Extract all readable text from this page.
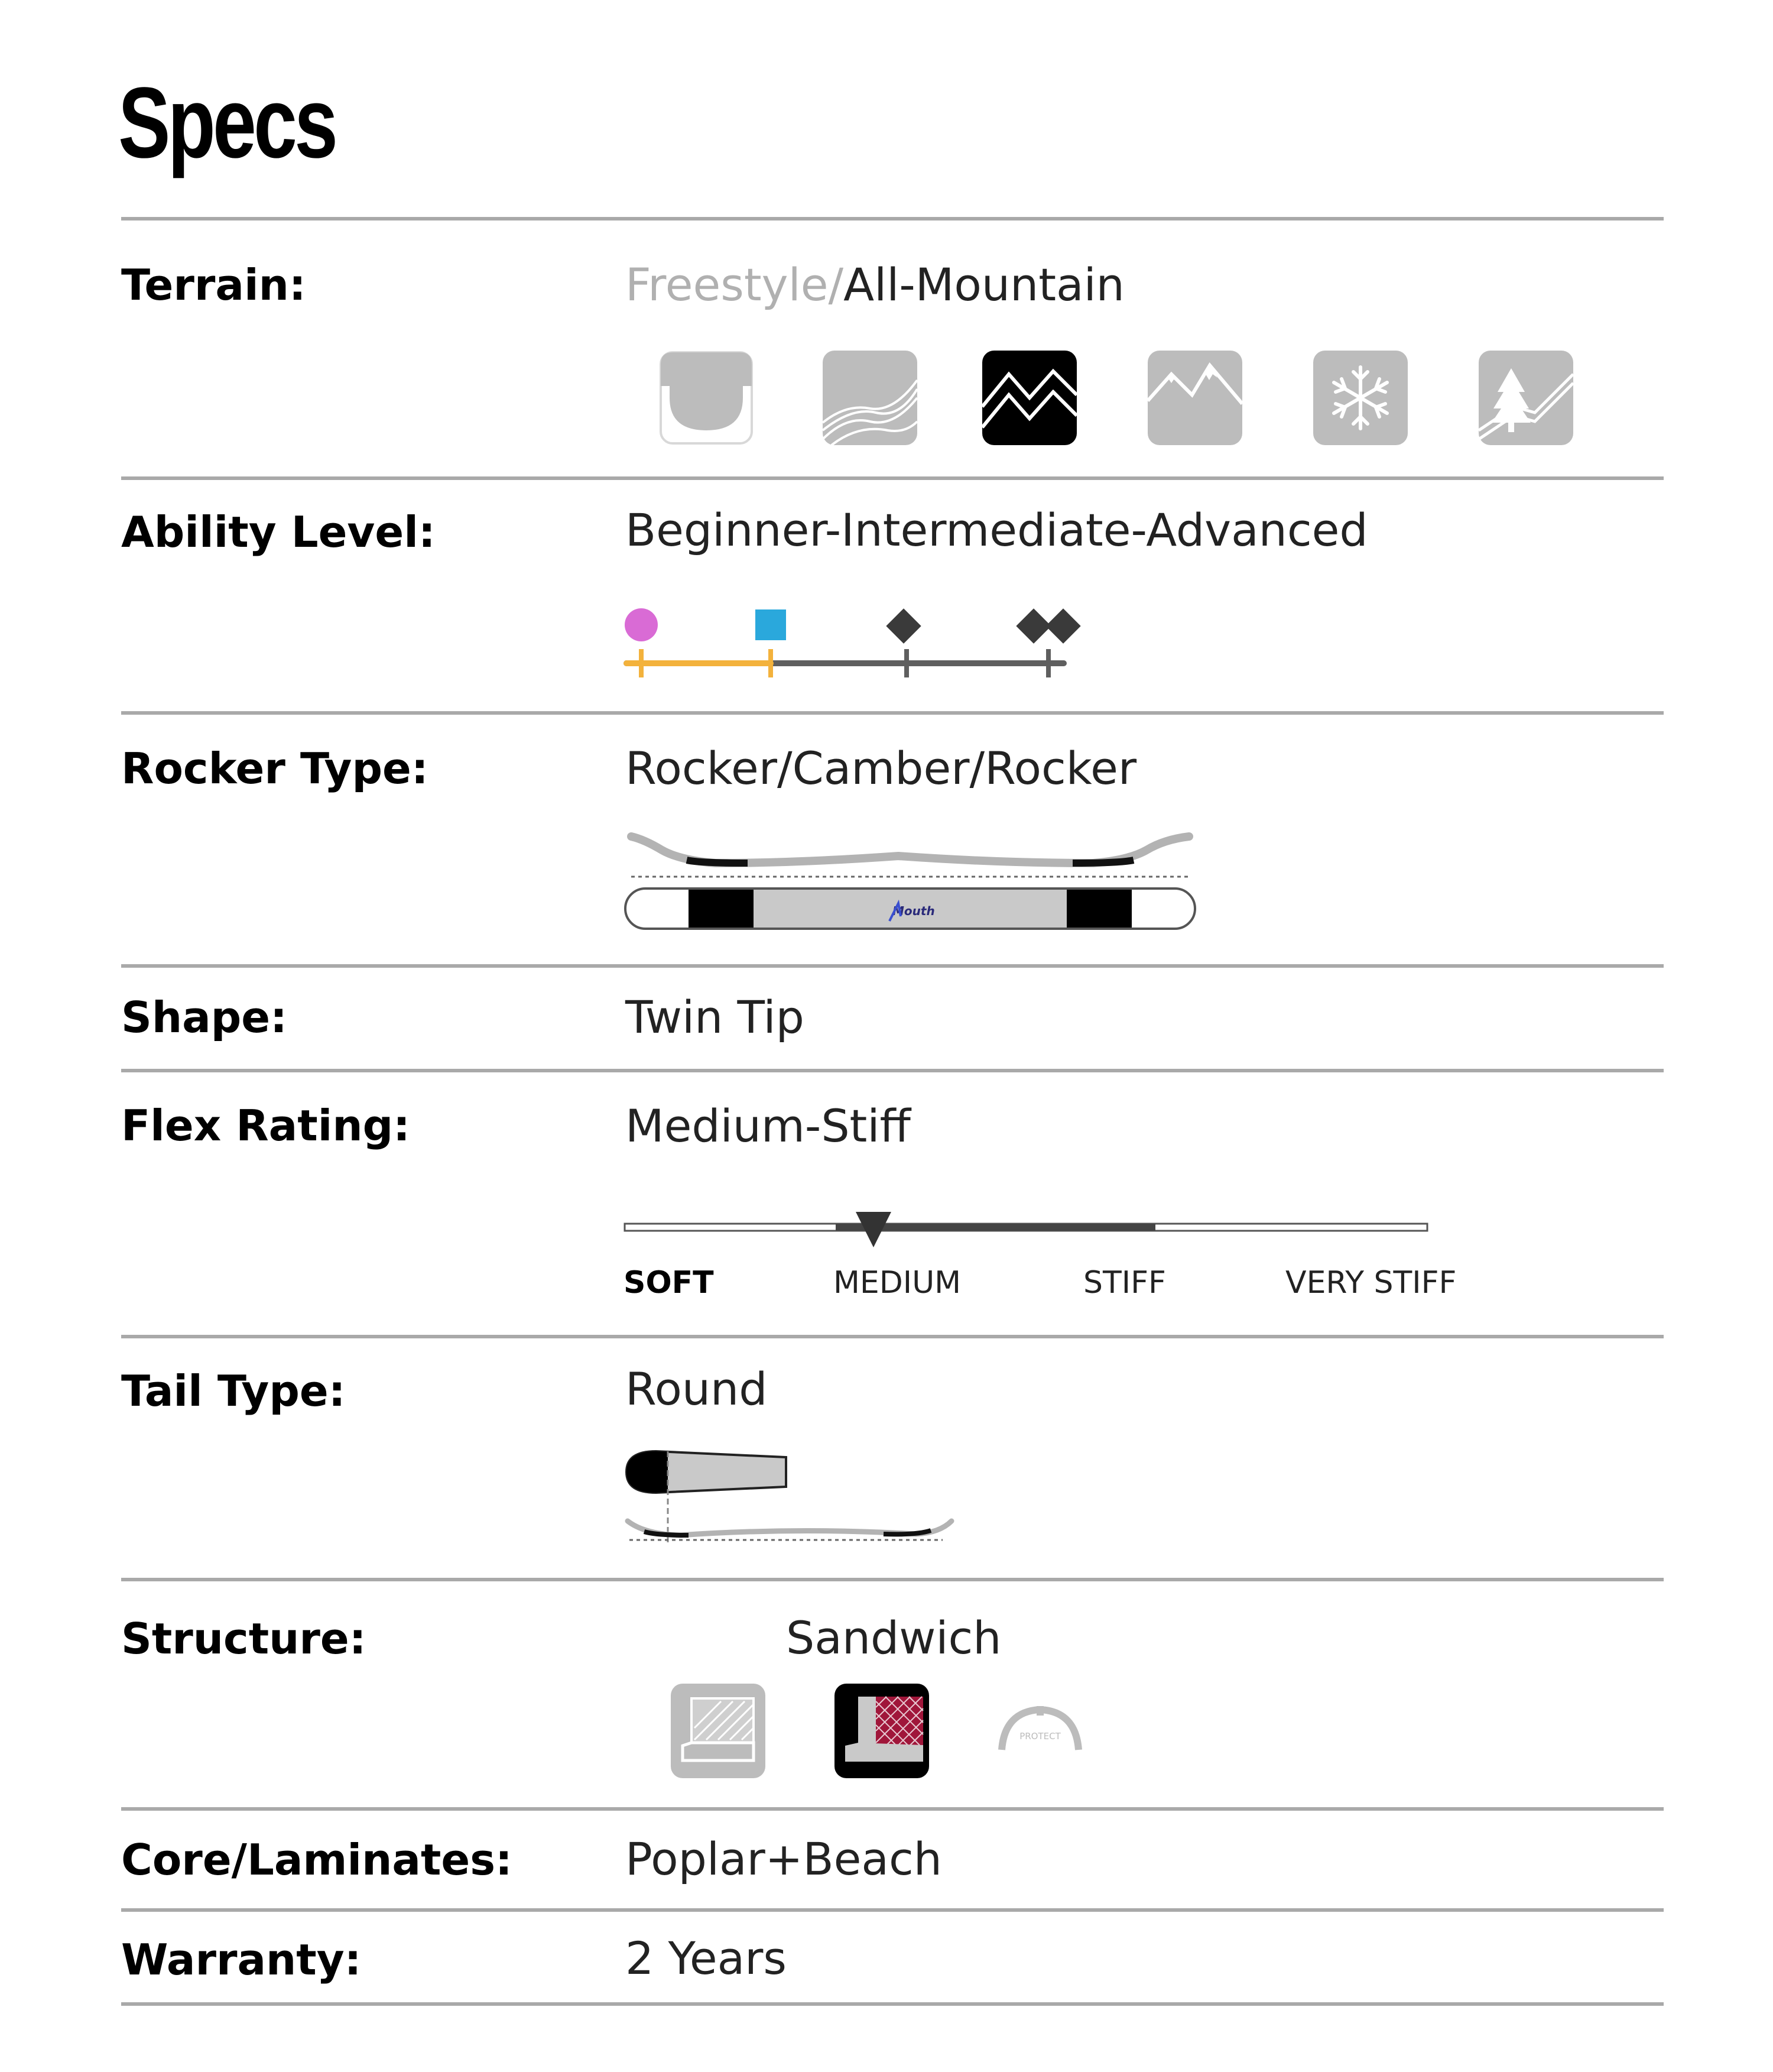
Specs
Terrain:	Freestyle/All-Mountain
Ability Level:	Beginner-Intermediate-Advanced
Rocker Type:	Rocker/Camber/Rocker
Mouth
Shape:	Twin Tip
Flex Rating:	Medium-Stiff
SOFT	MEDIUM	STIFF	VERY STIFF
Tail Type:	Round
Structure:	Sandwich
PROTECT
Core/Laminates:	Poplar+Beach
Warranty:	2 Years
